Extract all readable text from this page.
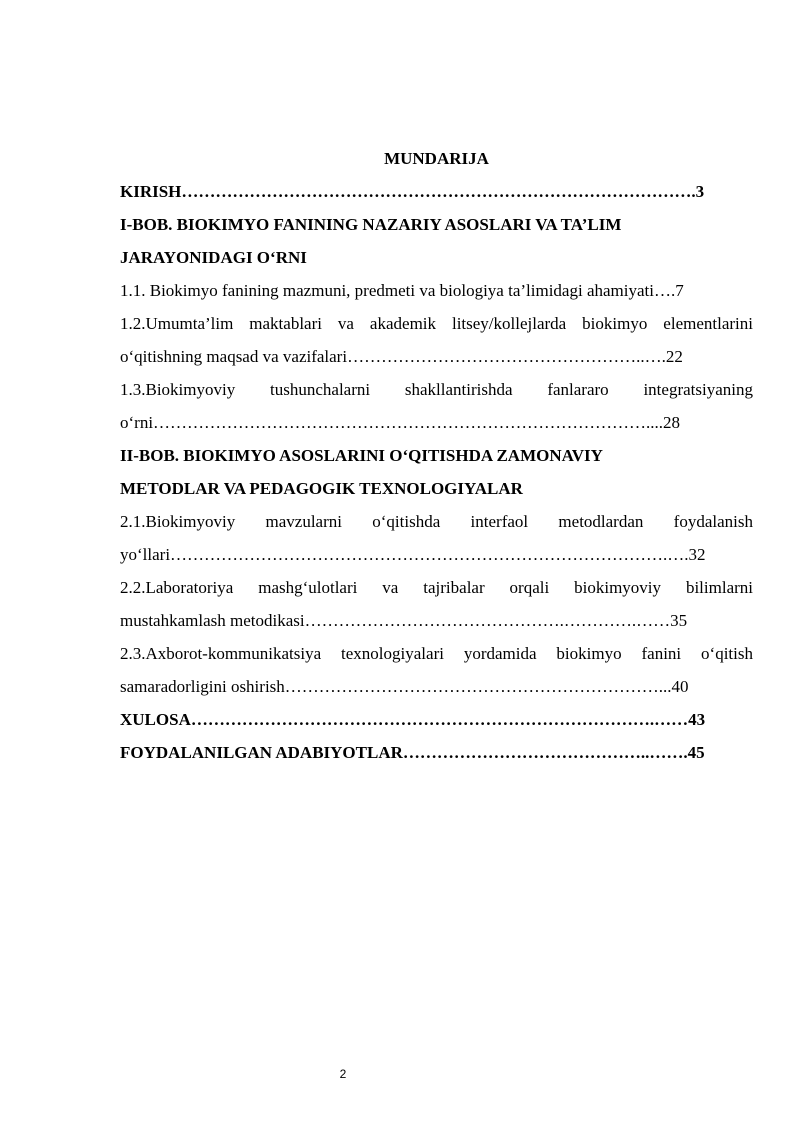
MUNDARIJA
KIRISH……………………………………………………………………………….3
I-BOB. BIOKIMYO FANINING NAZARIY ASOSLARI VA TA’LIM
JARAYONIDAGI O‘RNI
1.1. Biokimyo fanining mazmuni, predmeti va biologiya ta’limidagi ahamiyati….7
1.2.Umumta’lim maktablari va akademik litsey/kollejlarda biokimyo elementlarini
o‘qitishning maqsad va vazifalari……………………………………………..….22
1.3.Biokimyoviy tushunchalarni shakllantirishda fanlararo integratsiyaning
o‘rni……………………………………………………………………………....28
II-BOB. BIOKIMYO ASOSLARINI O‘QITISHDA ZAMONAVIY
METODLAR VA PEDAGOGIK TEXNOLOGIYALAR
2.1.Biokimyoviy mavzularni o‘qitishda interfaol metodlardan foydalanish
yo‘llari…………………………………………………………………………….….32
2.2.Laboratoriya mashg‘ulotlari va tajribalar orqali biokimyoviy bilimlarni
mustahkamlash metodikasi……………………………………….………….……35
2.3.Axborot-kommunikatsiya texnologiyalari yordamida biokimyo fanini o‘qitish
samaradorligini oshirish…………………………………………………………...40
XULOSA……………………………………………………………………….……43
FOYDALANILGAN ADABIYOTLAR……………………………………..…….45
2
